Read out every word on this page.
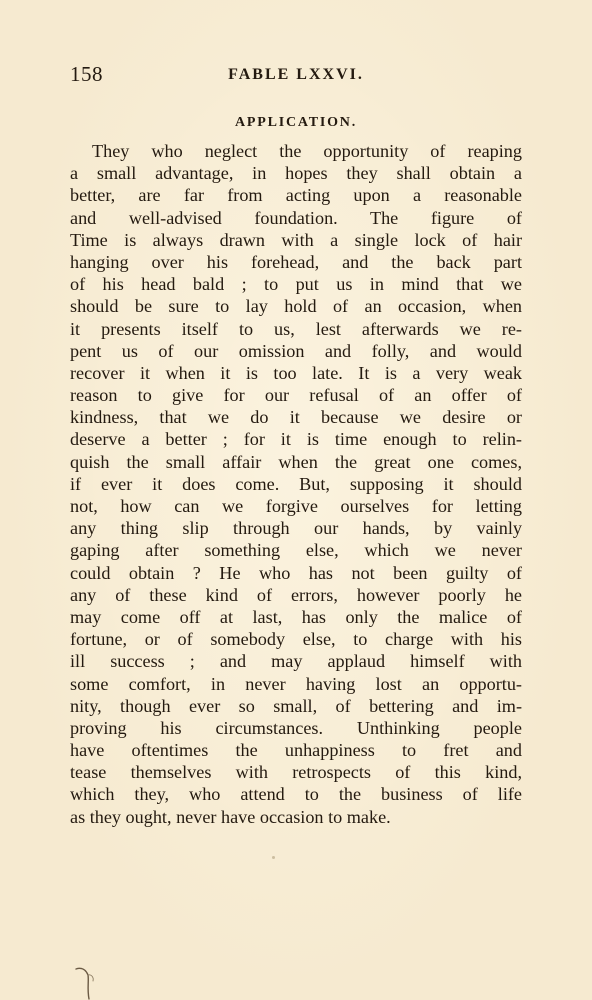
158	FABLE LXXVI.
APPLICATION.
They who neglect the opportunity of reaping
a small advantage, in hopes they shall obtain a
better, are far from acting upon a reasonable
and well-advised foundation. The figure of
Time is always drawn with a single lock of hair
hanging over his forehead, and the back part
of his head bald ; to put us in mind that we
should be sure to lay hold of an occasion, when
it presents itself to us, lest afterwards we re-
pent us of our omission and folly, and would
recover it when it is too late. It is a very weak
reason to give for our refusal of an offer of
kindness, that we do it because we desire or
deserve a better ; for it is time enough to relin-
quish the small affair when the great one comes,
if ever it does come. But, supposing it should
not, how can we forgive ourselves for letting
any thing slip through our hands, by vainly
gaping after something else, which we never
could obtain ? He who has not been guilty of
any of these kind of errors, however poorly he
may come off at last, has only the malice of
fortune, or of somebody else, to charge with his
ill success ; and may applaud himself with
some comfort, in never having lost an opportu-
nity, though ever so small, of bettering and im-
proving his circumstances. Unthinking people
have oftentimes the unhappiness to fret and
tease themselves with retrospects of this kind,
which they, who attend to the business of life
as they ought, never have occasion to make.
